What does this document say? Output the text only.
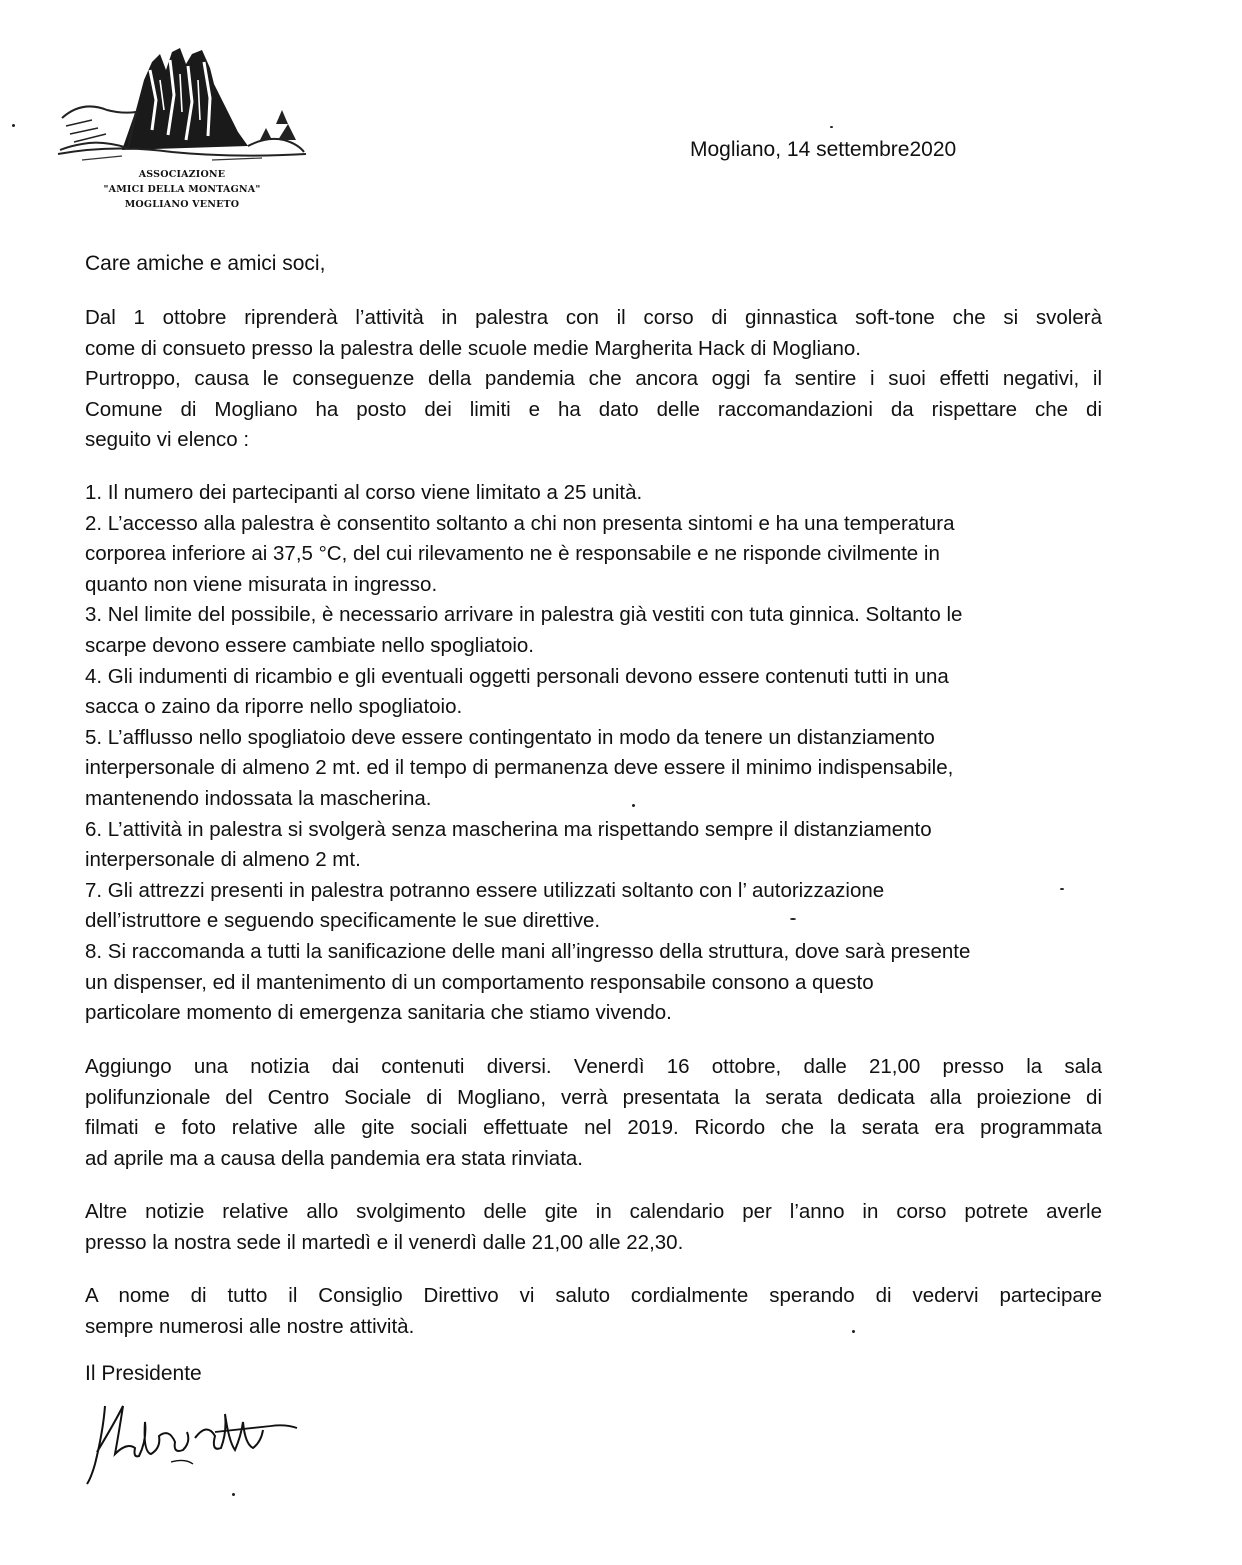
ASSOCIAZIONE
"AMICI DELLA MONTAGNA"
MOGLIANO VENETO
Mogliano, 14 settembre2020
Care amiche e amici soci,
Dal 1 ottobre riprenderà l’attività in palestra con il corso di ginnastica soft-tone che si svolerà
come di consueto presso la palestra delle scuole medie Margherita Hack di Mogliano.
Purtroppo, causa le conseguenze della pandemia che ancora oggi fa sentire i suoi effetti negativi, il
Comune di Mogliano ha posto dei limiti e ha dato delle raccomandazioni da rispettare che di
seguito vi elenco :
1. Il numero dei partecipanti al corso viene limitato a 25 unità.
2. L’accesso alla palestra è consentito soltanto a chi non presenta sintomi e ha una temperatura
corporea inferiore ai 37,5 °C, del cui rilevamento ne è responsabile e ne risponde civilmente in
quanto non viene misurata in ingresso.
3. Nel limite del possibile, è necessario arrivare in palestra già vestiti con tuta ginnica. Soltanto le
scarpe devono essere cambiate nello spogliatoio.
4. Gli indumenti di ricambio e gli eventuali oggetti personali devono essere contenuti tutti in una
sacca o zaino da riporre nello spogliatoio.
5. L’afflusso nello spogliatoio deve essere contingentato in modo da tenere un distanziamento
interpersonale di almeno 2 mt. ed il tempo di permanenza deve essere il minimo indispensabile,
mantenendo indossata la mascherina.
6. L’attività in palestra si svolgerà senza mascherina ma rispettando sempre il distanziamento
interpersonale di almeno 2 mt.
7. Gli attrezzi presenti in palestra potranno essere utilizzati soltanto con l’ autorizzazione
dell’istruttore e seguendo specificamente le sue direttive.
8. Si raccomanda a tutti la sanificazione delle mani all’ingresso della struttura, dove sarà presente
un dispenser, ed il mantenimento di un comportamento responsabile consono a questo
particolare momento di emergenza sanitaria che stiamo vivendo.
Aggiungo una notizia dai contenuti diversi. Venerdì 16 ottobre, dalle 21,00 presso la sala
polifunzionale del Centro Sociale di Mogliano, verrà presentata la serata dedicata alla proiezione di
filmati e foto relative alle gite sociali effettuate nel 2019. Ricordo che la serata era programmata
ad aprile ma a causa della pandemia era stata rinviata.
Altre notizie relative allo svolgimento delle gite in calendario per l’anno in corso potrete averle
presso la nostra sede il martedì e il venerdì dalle 21,00 alle 22,30.
A nome di tutto il Consiglio Direttivo vi saluto cordialmente sperando di vedervi partecipare
sempre numerosi alle nostre attività.
Il Presidente
